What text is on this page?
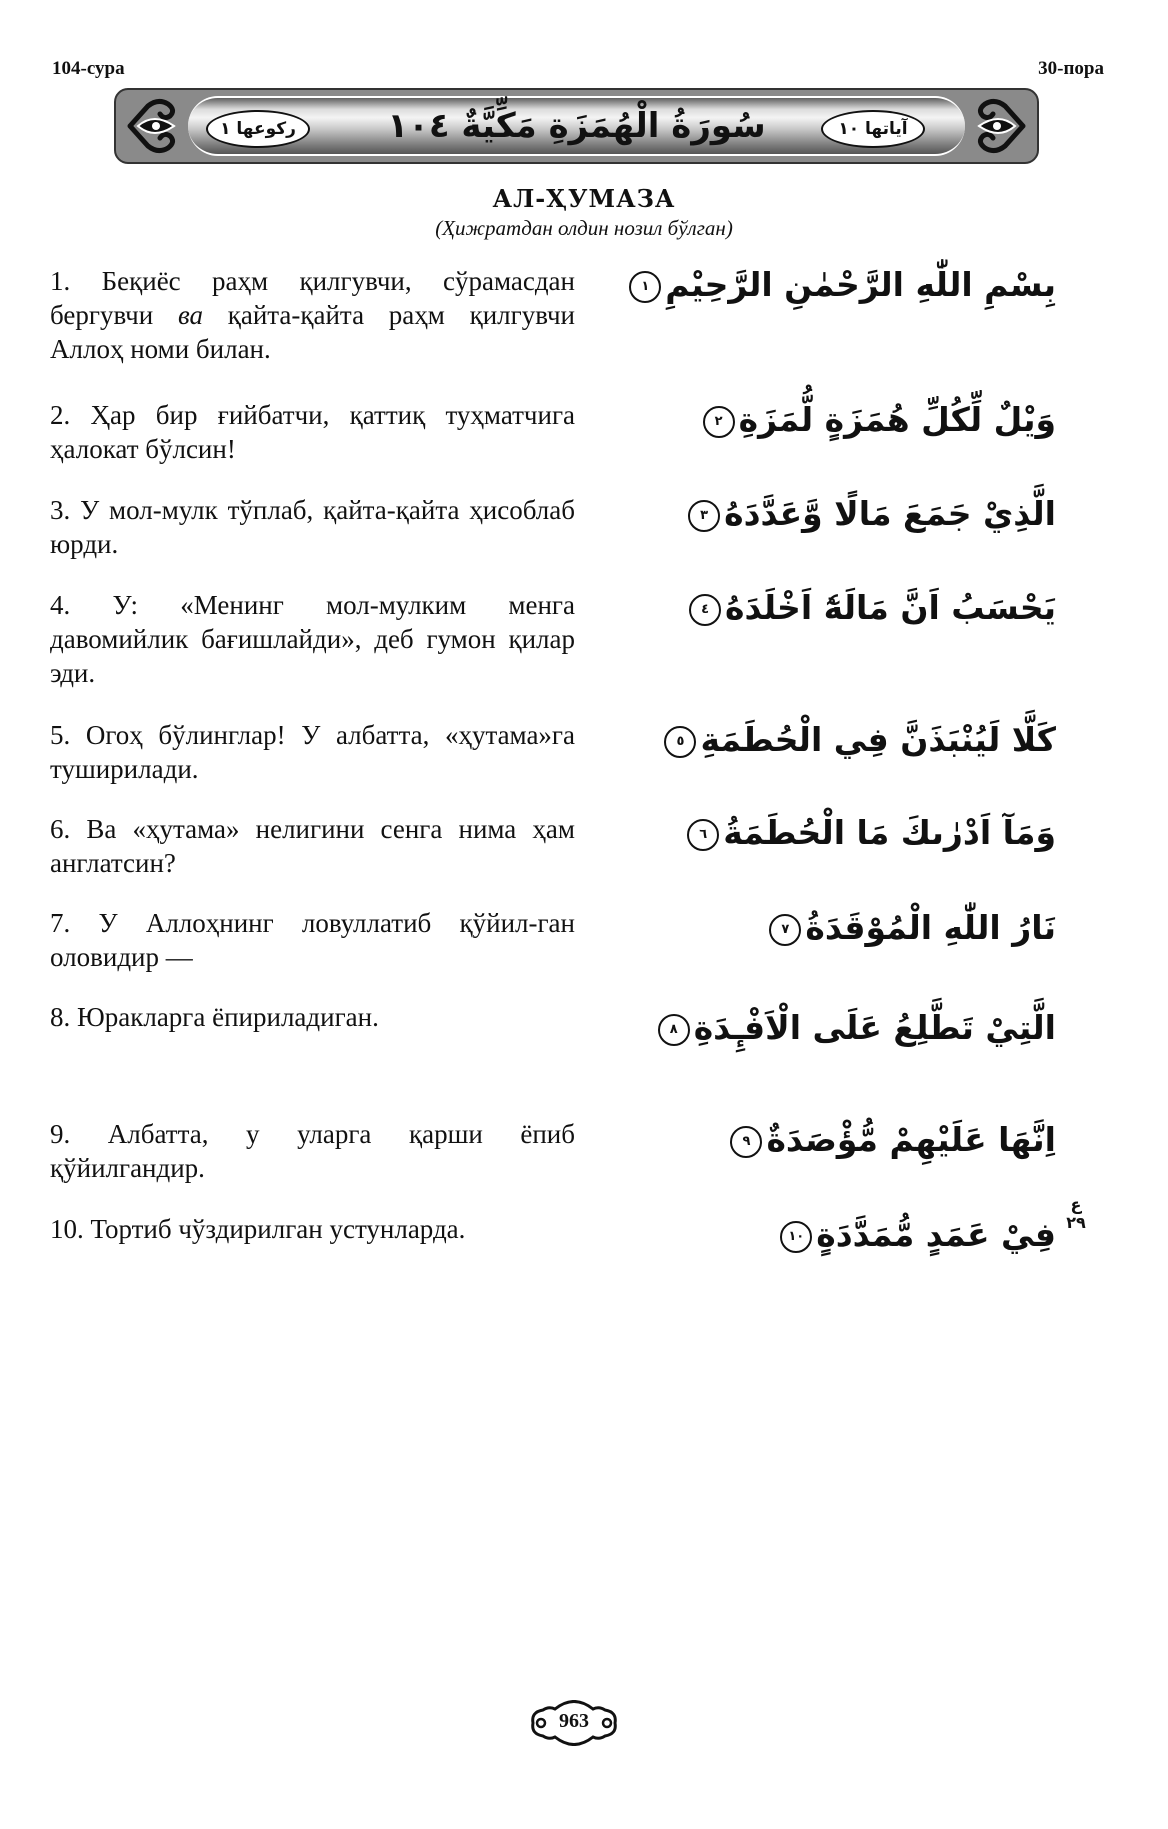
104-сура	30-пора
رکوعها ١	سُورَةُ الْهُمَزَةِ مَكِّيَّةٌ ١٠٤	آياتها ١٠
АЛ-ҲУМАЗА
(Ҳижратдан олдин нозил бўлган)
1. Беқиёс раҳм қилгувчи, сўрамасдан бергувчи ва қайта-қайта раҳм қилгувчи Аллоҳ номи билан.
بِسْمِ اللّٰهِ الرَّحْمٰنِ الرَّحِيْمِ١
2. Ҳар бир ғийбатчи, қаттиқ туҳматчига ҳалокат бўлсин!
وَيْلٌ لِّكُلِّ هُمَزَةٍ لُّمَزَةِ٢
3. У мол-мулк тўплаб, қайта-қайта ҳисоблаб юрди.
الَّذِيْ جَمَعَ مَالًا وَّعَدَّدَهُ٣
4. У: «Менинг мол-мулким менга давомийлик бағишлайди», деб гумон қилар эди.
يَحْسَبُ اَنَّ مَالَهٗٓ اَخْلَدَهُ٤
5. Огоҳ бўлинглар! У албатта, «ҳутама»га туширилади.
كَلَّا لَيُنْبَذَنَّ فِي الْحُطَمَةِ٥
6. Ва «ҳутама» нелигини сенга нима ҳам англатсин?
وَمَآ اَدْرٰىكَ مَا الْحُطَمَةُ٦
7. У Аллоҳнинг ловуллатиб қўйил-ган оловидир —
نَارُ اللّٰهِ الْمُوْقَدَةُ٧
8. Юракларга ёпириладиган.	الَّتِيْ تَطَّلِعُ عَلَى الْاَفْـِٕدَةِ٨
9. Албатта, у уларга қарши ёпиб қўйилгандир.
اِنَّهَا عَلَيْهِمْ مُّؤْصَدَةٌ٩
10. Тортиб чўздирилган устунларда.	فِيْ عَمَدٍ مُّمَدَّدَةٍ١٠
ع ٢٩
963
